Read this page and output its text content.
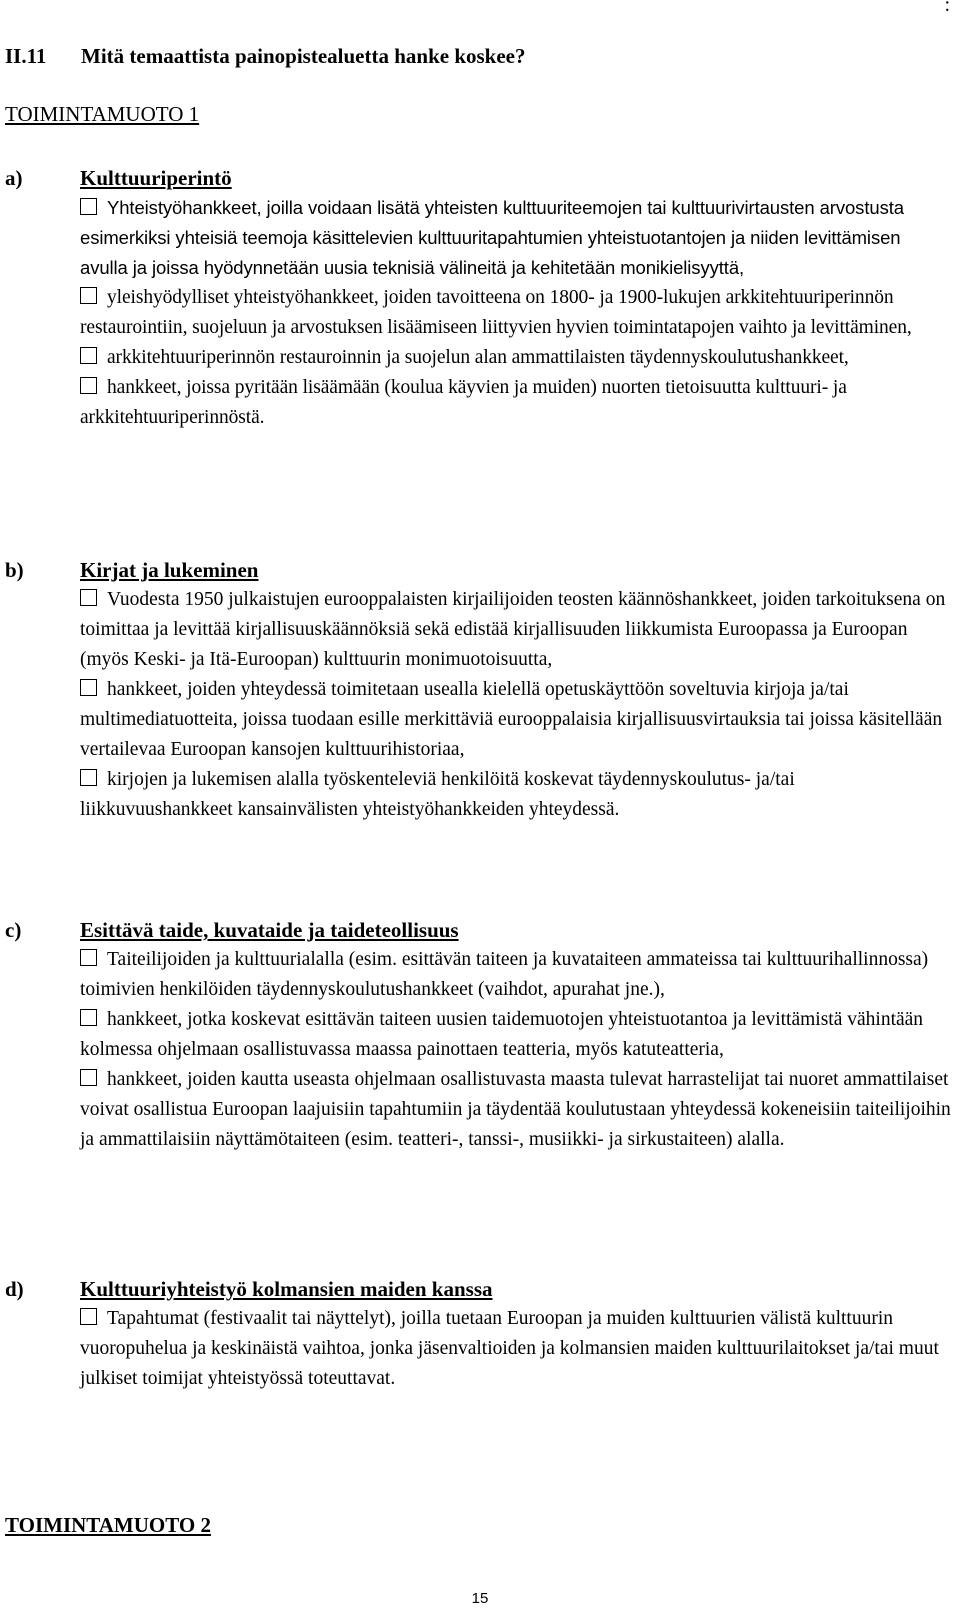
:
II.11 Mitä temaattista painopistealuetta hanke koskee?
TOIMINTAMUOTO 1
a)	Kulttuuriperintö

Yhteistyöhankkeet, joilla voidaan lisätä yhteisten kulttuuriteemojen tai kulttuurivirtausten arvostusta esimerkiksi yhteisiä teemoja käsittelevien kulttuuritapahtumien yhteistuotantojen ja niiden levittämisen avulla ja joissa hyödynnetään uusia teknisiä välineitä ja kehitetään monikielisyyttä,

yleishyödylliset yhteistyöhankkeet, joiden tavoitteena on 1800- ja 1900-lukujen arkkitehtuuriperinnön restaurointiin, suojeluun ja arvostuksen lisäämiseen liittyvien hyvien toimintatapojen vaihto ja levittäminen,

arkkitehtuuriperinnön restauroinnin ja suojelun alan ammattilaisten täydennyskoulutushankkeet,

hankkeet, joissa pyritään lisäämään (koulua käyvien ja muiden) nuorten tietoisuutta kulttuuri- ja arkkitehtuuriperinnöstä.

b)	Kirjat ja lukeminen

Vuodesta 1950 julkaistujen eurooppalaisten kirjailijoiden teosten käännöshankkeet, joiden tarkoituksena on toimittaa ja levittää kirjallisuuskäännöksiä sekä edistää kirjallisuuden liikkumista Euroopassa ja Euroopan (myös Keski- ja Itä-Euroopan) kulttuurin monimuotoisuutta,

hankkeet, joiden yhteydessä toimitetaan usealla kielellä opetuskäyttöön soveltuvia kirjoja ja/tai multimediatuotteita, joissa tuodaan esille merkittäviä eurooppalaisia kirjallisuusvirtauksia tai joissa käsitellään vertailevaa Euroopan kansojen kulttuurihistoriaa,

kirjojen ja lukemisen alalla työskenteleviä henkilöitä koskevat täydennyskoulutus- ja/tai liikkuvuushankkeet kansainvälisten yhteistyöhankkeiden yhteydessä.

c)	Esittävä taide, kuvataide ja taideteollisuus

Taiteilijoiden ja kulttuurialalla (esim. esittävän taiteen ja kuvataiteen ammateissa tai kulttuurihallinnossa) toimivien henkilöiden täydennyskoulutushankkeet (vaihdot, apurahat jne.),

hankkeet, jotka koskevat esittävän taiteen uusien taidemuotojen yhteistuotantoa ja levittämistä vähintään kolmessa ohjelmaan osallistuvassa maassa painottaen teatteria, myös katuteatteria,

hankkeet, joiden kautta useasta ohjelmaan osallistuvasta maasta tulevat harrastelijat tai nuoret ammattilaiset voivat osallistua Euroopan laajuisiin tapahtumiin ja täydentää koulutustaan yhteydessä kokeneisiin taiteilijoihin ja ammattilaisiin näyttämötaiteen (esim. teatteri-, tanssi-, musiikki- ja sirkustaiteen) alalla.

d)	Kulttuuriyhteistyö kolmansien maiden kanssa

Tapahtumat (festivaalit tai näyttelyt), joilla tuetaan Euroopan ja muiden kulttuurien välistä kulttuurin vuoropuhelua ja keskinäistä vaihtoa, jonka jäsenvaltioiden ja kolmansien maiden kulttuurilaitokset ja/tai muut julkiset toimijat yhteistyössä toteuttavat.

TOIMINTAMUOTO 2
15
